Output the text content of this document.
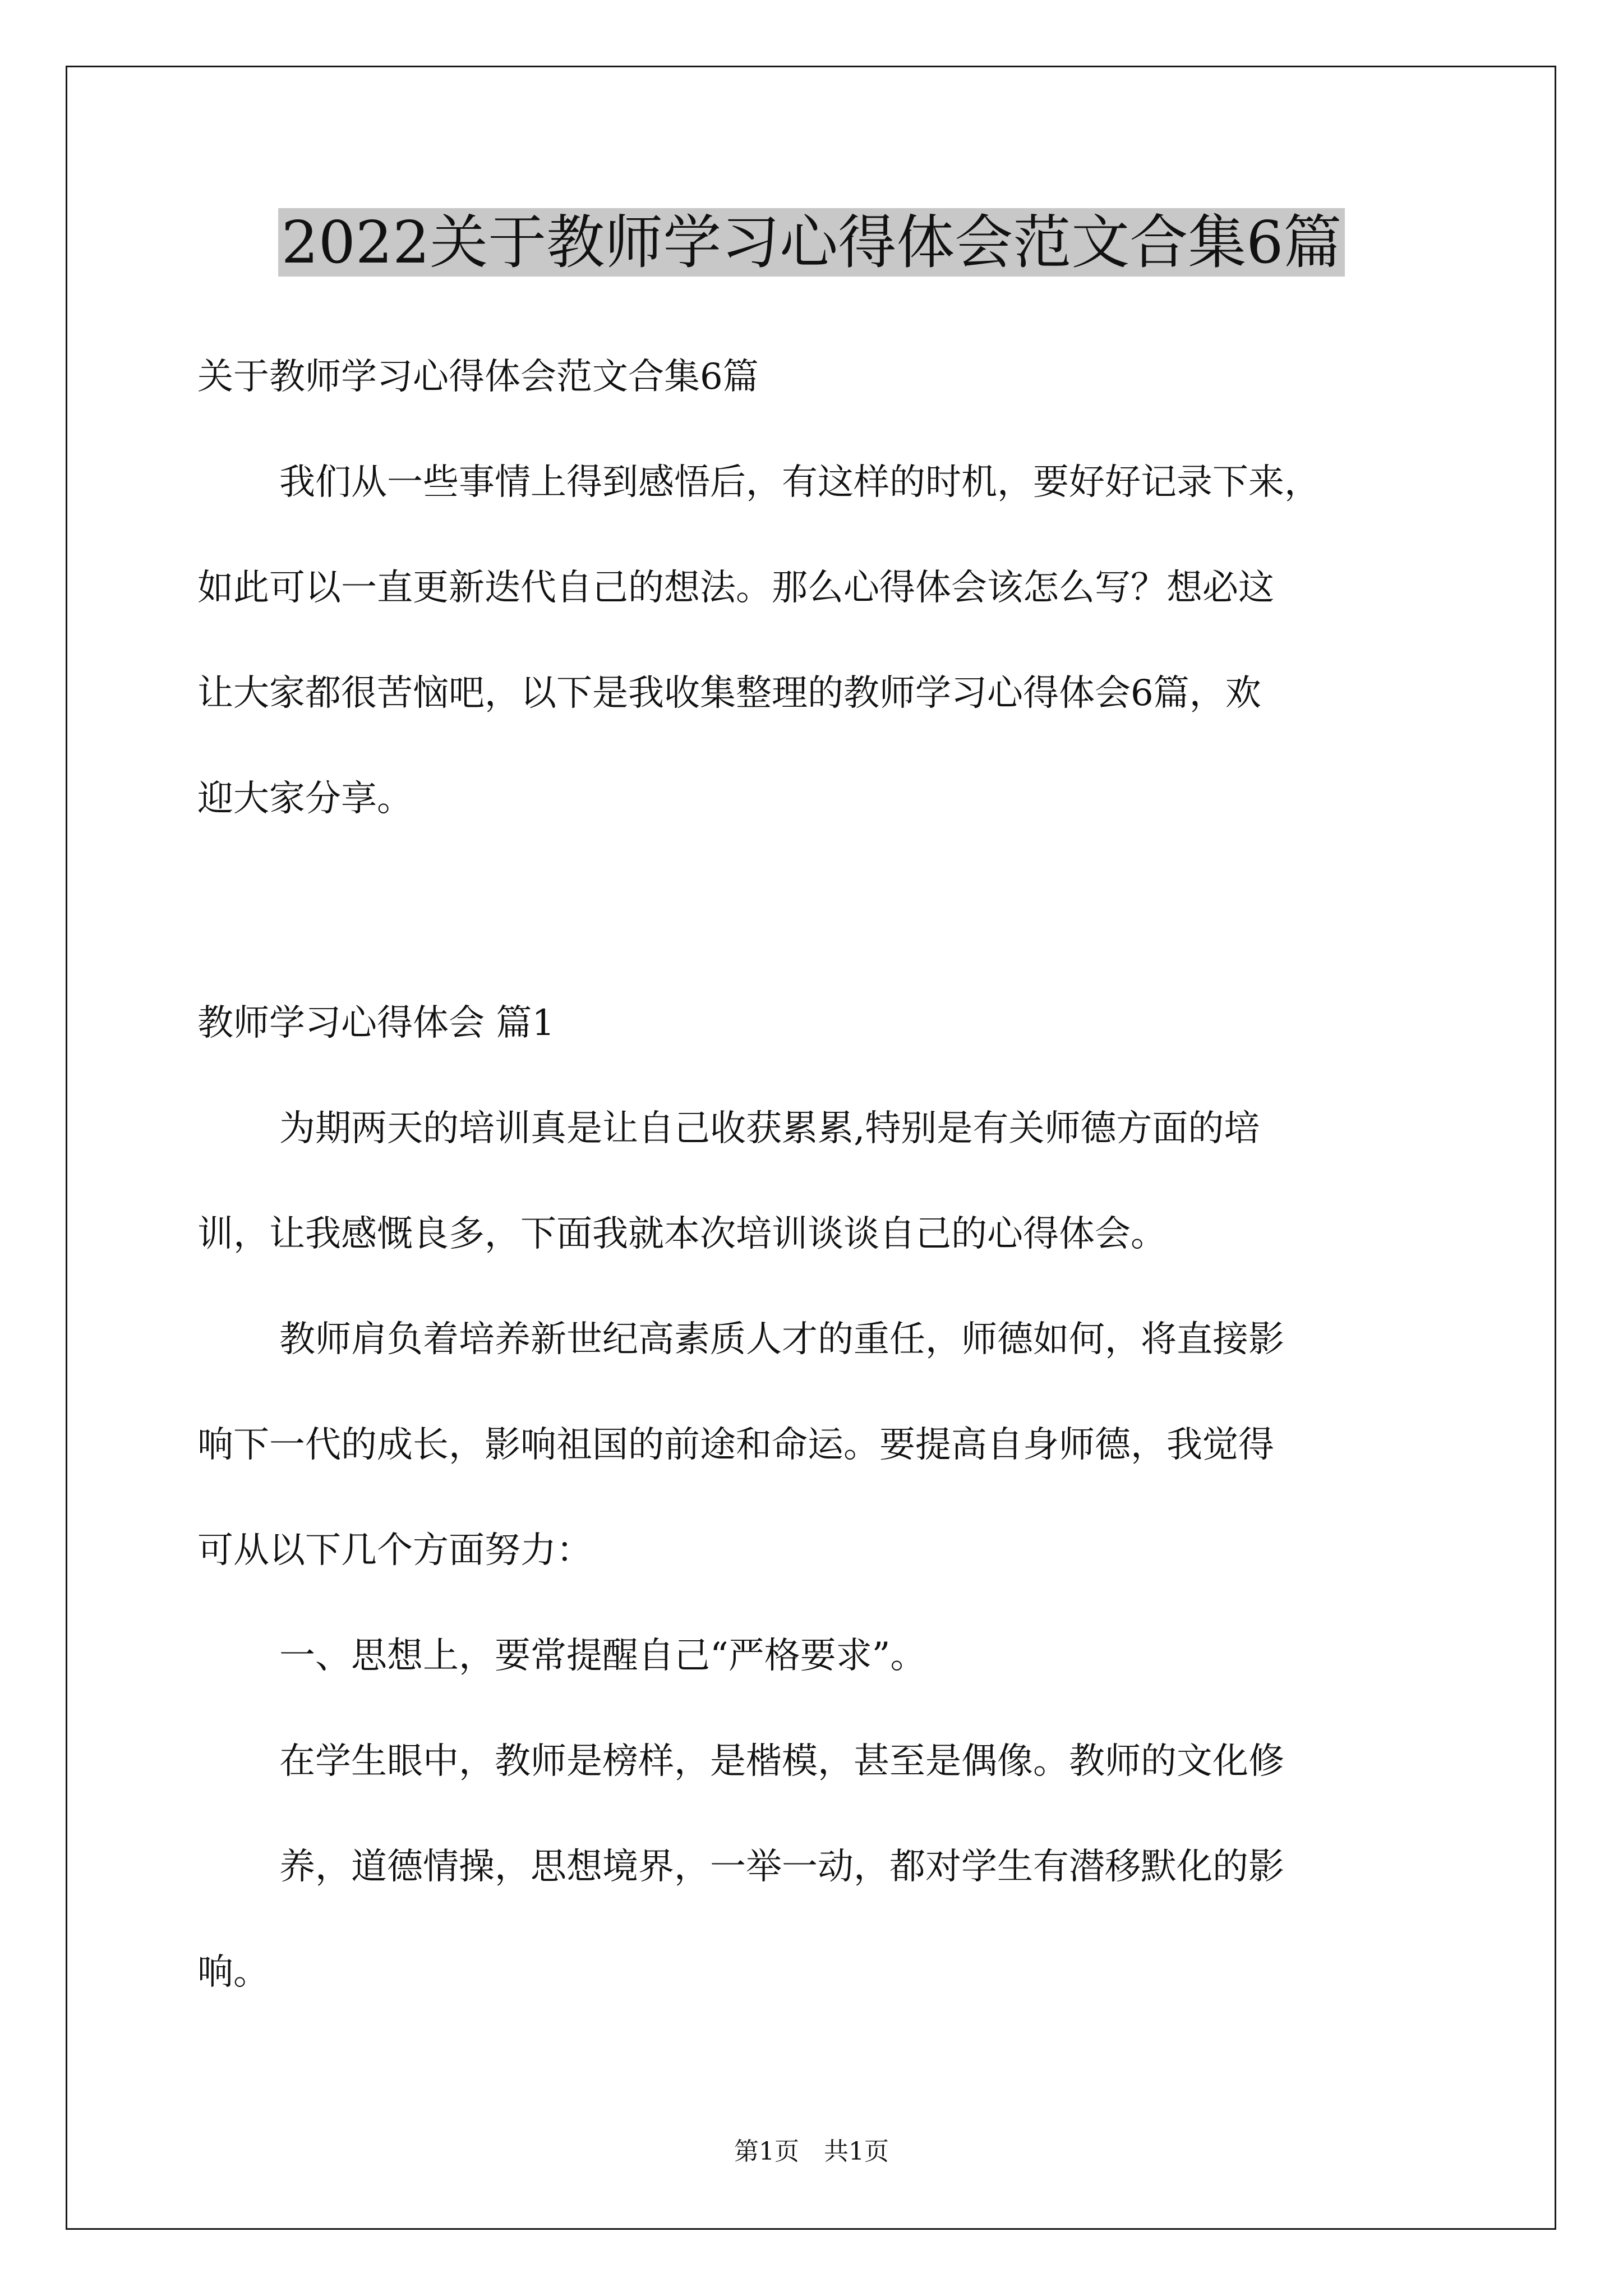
2022关于教师学习心得体会范文合集6篇
关于教师学习心得体会范文合集6篇
我们从一些事情上得到感悟后，有这样的时机，要好好记录下来，
如此可以一直更新迭代自己的想法。那么心得体会该怎么写？想必这
让大家都很苦恼吧，以下是我收集整理的教师学习心得体会6篇，欢
迎大家分享。
教师学习心得体会 篇1
为期两天的培训真是让自己收获累累,特别是有关师德方面的培
训，让我感慨良多，下面我就本次培训谈谈自己的心得体会。
教师肩负着培养新世纪高素质人才的重任，师德如何，将直接影
响下一代的成长，影响祖国的前途和命运。要提高自身师德，我觉得
可从以下几个方面努力：
一、思想上，要常提醒自己“严格要求”。
在学生眼中，教师是榜样，是楷模，甚至是偶像。教师的文化修
养，道德情操，思想境界，一举一动，都对学生有潜移默化的影
响。
第1页　共1页
